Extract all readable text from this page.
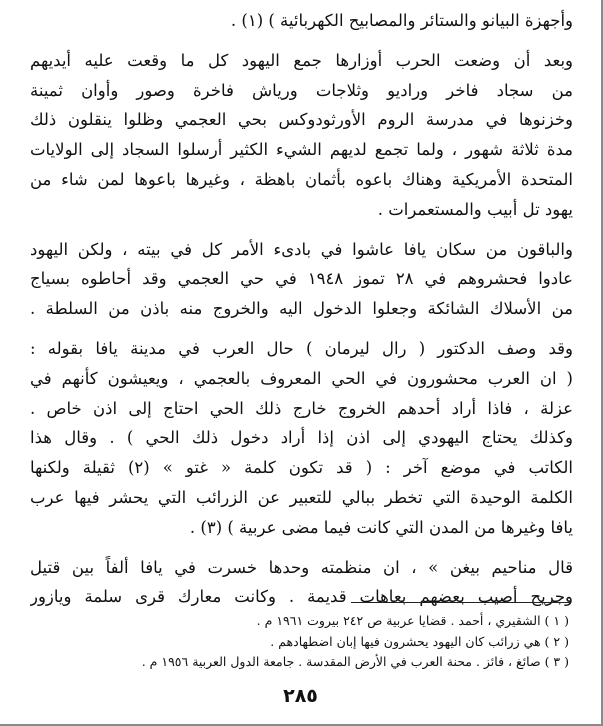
وأجهزة البيانو والستائر والمصابيح الكهربائية ) (١) .
وبعد أن وضعت الحرب أوزارها جمع اليهود كل ما وقعت عليه أيديهم
من سجاد فاخر وراديو وثلاجات ورياش فاخرة وصور وأوان ثمينة
وخزنوها في مدرسة الروم الأورثودوكس بحي العجمي وظلوا ينقلون ذلك
مدة ثلاثة شهور ، ولما تجمع لديهم الشيء الكثير أرسلوا السجاد إلى الولايات
المتحدة الأمريكية وهناك باعوه بأثمان باهظة ، وغيرها باعوها لمن شاء من
يهود تل أبيب والمستعمرات .
والباقون من سكان يافا عاشوا في بادىء الأمر كل في بيته ، ولكن اليهود
عادوا فحشروهم في ٢٨ تموز ١٩٤٨ في حي العجمي وقد أحاطوه بسياج
من الأسلاك الشائكة وجعلوا الدخول اليه والخروج منه باذن من السلطة .
وقد وصف الدكتور ( رال ليرمان ) حال العرب في مدينة يافا بقوله :
( ان العرب محشورون في الحي المعروف بالعجمي ، ويعيشون كأنهم في
عزلة ، فاذا أراد أحدهم الخروج خارج ذلك الحي احتاج إلى اذن خاص .
وكذلك يحتاج اليهودي إلى اذن إذا أراد دخول ذلك الحي ) . وقال هذا
الكاتب في موضع آخر : ( قد تكون كلمة « غتو » (٢) ثقيلة ولكنها
الكلمة الوحيدة التي تخطر ببالي للتعبير عن الزرائب التي يحشر فيها عرب
يافا وغيرها من المدن التي كانت فيما مضى عربية ) (٣) .
قال مناحيم بيغن » ، ان منظمته وحدها خسرت في يافا ألفاً بين قتيل
وجريح أصيب بعضهم بعاهات قديمة . وكانت معارك قرى سلمة ويازور
( ١ ) الشقيري ، أحمد . قضايا عربية ص ٢٤٢ بيروت ١٩٦١ م .
( ٢ ) هي زرائب كان اليهود يحشرون فيها إبان اضطهادهم .
( ٣ ) صائغ ، فائز . محنة العرب في الأرض المقدسة . جامعة الدول العربية ١٩٥٦ م .
٢٨٥
